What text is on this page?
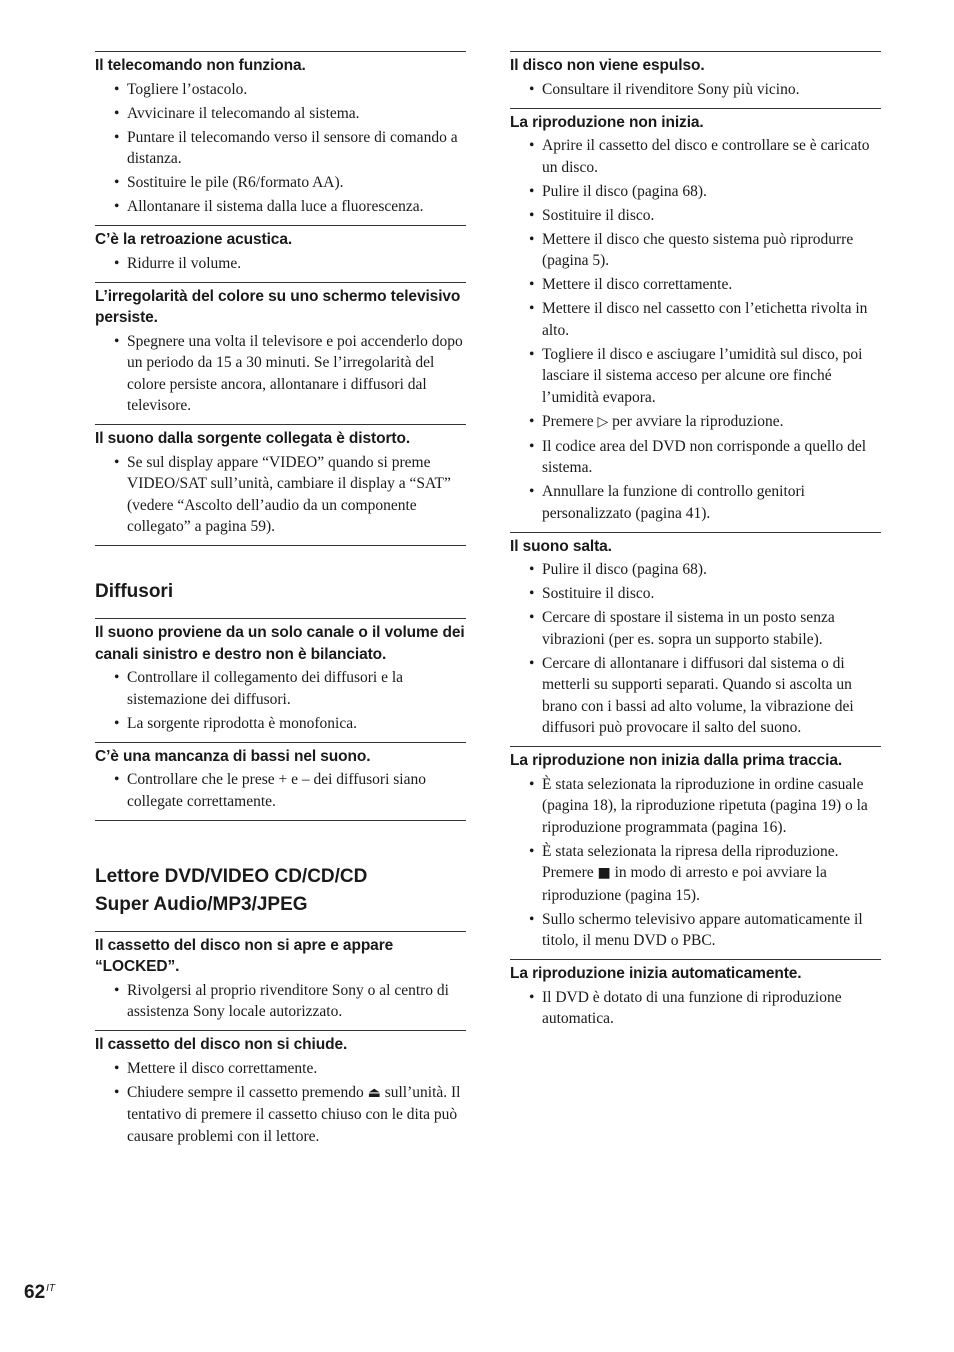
Il telecomando non funziona.
• Togliere l’ostacolo.
• Avvicinare il telecomando al sistema.
• Puntare il telecomando verso il sensore di comando a distanza.
• Sostituire le pile (R6/formato AA).
• Allontanare il sistema dalla luce a fluorescenza.
C’è la retroazione acustica.
• Ridurre il volume.
L’irregolarità del colore su uno schermo televisivo persiste.
• Spegnere una volta il televisore e poi accenderlo dopo un periodo da 15 a 30 minuti. Se l’irregolarità del colore persiste ancora, allontanare i diffusori dal televisore.
Il suono dalla sorgente collegata è distorto.
• Se sul display appare “VIDEO” quando si preme VIDEO/SAT sull’unità, cambiare il display a “SAT” (vedere “Ascolto dell’audio da un componente collegato” a pagina 59).
Diffusori
Il suono proviene da un solo canale o il volume dei canali sinistro e destro non è bilanciato.
• Controllare il collegamento dei diffusori e la sistemazione dei diffusori.
• La sorgente riprodotta è monofonica.
C’è una mancanza di bassi nel suono.
• Controllare che le prese + e – dei diffusori siano collegate correttamente.
Lettore DVD/VIDEO CD/CD/CD
Super Audio/MP3/JPEG
Il cassetto del disco non si apre e appare “LOCKED”.
• Rivolgersi al proprio rivenditore Sony o al centro di assistenza Sony locale autorizzato.
Il cassetto del disco non si chiude.
• Mettere il disco correttamente.
• Chiudere sempre il cassetto premendo ⏏ sull’unità. Il tentativo di premere il cassetto chiuso con le dita può causare problemi con il lettore.
Il disco non viene espulso.
• Consultare il rivenditore Sony più vicino.
La riproduzione non inizia.
• Aprire il cassetto del disco e controllare se è caricato un disco.
• Pulire il disco (pagina 68).
• Sostituire il disco.
• Mettere il disco che questo sistema può riprodurre (pagina 5).
• Mettere il disco correttamente.
• Mettere il disco nel cassetto con l’etichetta rivolta in alto.
• Togliere il disco e asciugare l’umidità sul disco, poi lasciare il sistema acceso per alcune ore finché l’umidità evapora.
• Premere ▷ per avviare la riproduzione.
• Il codice area del DVD non corrisponde a quello del sistema.
• Annullare la funzione di controllo genitori personalizzato (pagina 41).
Il suono salta.
• Pulire il disco (pagina 68).
• Sostituire il disco.
• Cercare di spostare il sistema in un posto senza vibrazioni (per es. sopra un supporto stabile).
• Cercare di allontanare i diffusori dal sistema o di metterli su supporti separati. Quando si ascolta un brano con i bassi ad alto volume, la vibrazione dei diffusori può provocare il salto del suono.
La riproduzione non inizia dalla prima traccia.
• È stata selezionata la riproduzione in ordine casuale (pagina 18), la riproduzione ripetuta (pagina 19) o la riproduzione programmata (pagina 16).
• È stata selezionata la ripresa della riproduzione. Premere ■ in modo di arresto e poi avviare la riproduzione (pagina 15).
• Sullo schermo televisivo appare automaticamente il titolo, il menu DVD o PBC.
La riproduzione inizia automaticamente.
• Il DVD è dotato di una funzione di riproduzione automatica.
$62^{IT}$
